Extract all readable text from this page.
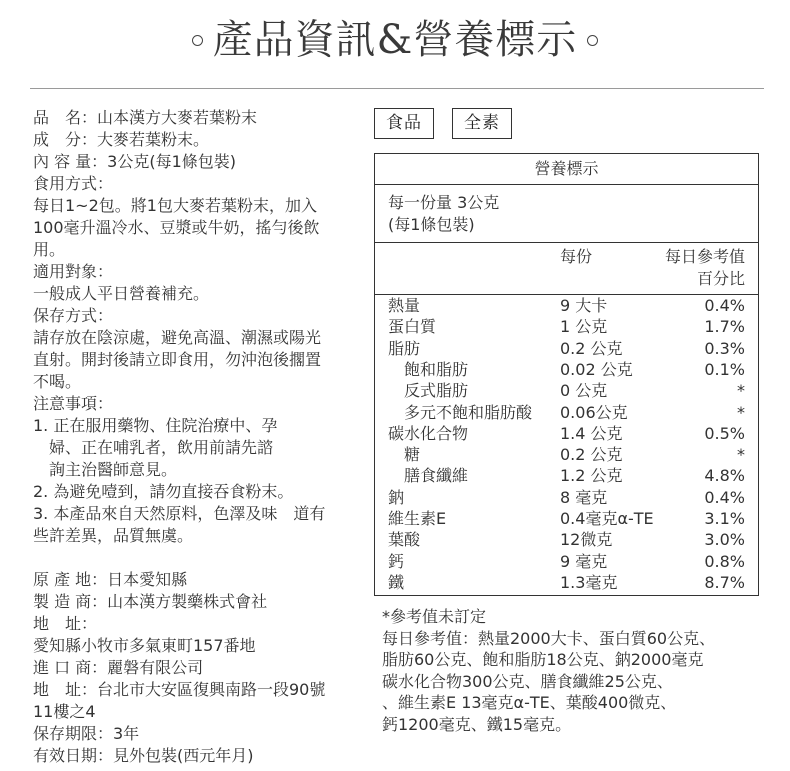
產品資訊&營養標示
品　名：山本漢方大麥若葉粉末
成　分：大麥若葉粉末。
內 容 量：3公克(每1條包裝)
食用方式：
每日1~2包。將1包大麥若葉粉末，加入
100毫升溫冷水、豆漿或牛奶，搖勻後飲
用。
適用對象：
一般成人平日營養補充。
保存方式：
請存放在陰涼處，避免高溫、潮濕或陽光
直射。開封後請立即食用，勿沖泡後擱置
不喝。
注意事項：
1. 正在服用藥物、住院治療中、孕
婦、正在哺乳者，飲用前請先諮
詢主治醫師意見。
2. 為避免噎到，請勿直接吞食粉末。
3. 本產品來自天然原料，色澤及味　道有
些許差異，品質無虞。
原 產 地：日本愛知縣
製 造 商：山本漢方製藥株式會社
地　址：
愛知縣小牧市多氣東町157番地
進 口 商：麗磐有限公司
地　址：台北市大安區復興南路一段90號
11樓之4
保存期限：3年
有效日期：見外包裝(西元年月)
食品	全素
營養標示
每一份量 3公克
(每1條包裝)
每份	每日參考值
百分比
熱量	9 大卡	0.4%
蛋白質	1 公克	1.7%
脂肪	0.2 公克	0.3%
飽和脂肪	0.02 公克	0.1%
反式脂肪	0 公克	*
多元不飽和脂肪酸 0.06公克	*
碳水化合物	1.4 公克	0.5%
糖	0.2 公克	*
膳食纖維	1.2 公克	4.8%
鈉	8 毫克	0.4%
維生素E	0.4毫克α-TE	3.1%
葉酸	12微克	3.0%
鈣	9 毫克	0.8%
鐵	1.3毫克	8.7%
*參考值未訂定
每日參考值：熱量2000大卡、蛋白質60公克、
脂肪60公克、飽和脂肪18公克、鈉2000毫克
碳水化合物300公克、膳食纖維25公克、
、維生素E 13毫克α-TE、葉酸400微克、
鈣1200毫克、鐵15毫克。
